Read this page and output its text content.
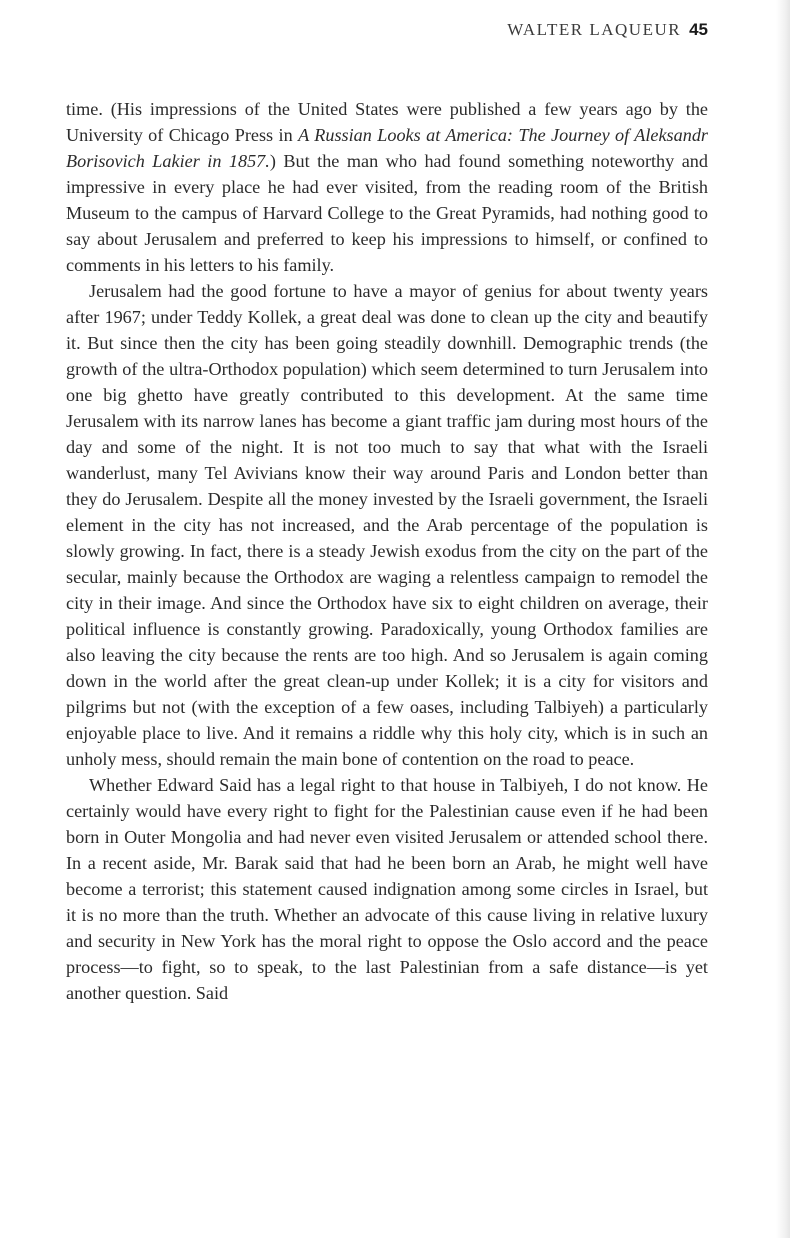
WALTER LAQUEUR 45

time. (His impressions of the United States were published a few years ago by the University of Chicago Press in A Russian Looks at America: The Journey of Aleksandr Borisovich Lakier in 1857.) But the man who had found something noteworthy and impressive in every place he had ever visited, from the reading room of the British Museum to the campus of Harvard College to the Great Pyramids, had nothing good to say about Jerusalem and preferred to keep his impressions to himself, or confined to comments in his letters to his family.

Jerusalem had the good fortune to have a mayor of genius for about twenty years after 1967; under Teddy Kollek, a great deal was done to clean up the city and beautify it. But since then the city has been going steadily downhill. Demographic trends (the growth of the ultra-Orthodox population) which seem determined to turn Jerusalem into one big ghetto have greatly contributed to this development. At the same time Jerusalem with its narrow lanes has become a giant traffic jam during most hours of the day and some of the night. It is not too much to say that what with the Israeli wanderlust, many Tel Avivians know their way around Paris and London better than they do Jerusalem. Despite all the money invested by the Israeli government, the Israeli element in the city has not increased, and the Arab percentage of the population is slowly growing. In fact, there is a steady Jewish exodus from the city on the part of the secular, mainly because the Orthodox are waging a relentless campaign to remodel the city in their image. And since the Orthodox have six to eight children on average, their political influence is constantly growing. Paradoxically, young Orthodox families are also leaving the city because the rents are too high. And so Jerusalem is again coming down in the world after the great clean-up under Kollek; it is a city for visitors and pilgrims but not (with the exception of a few oases, including Talbiyeh) a particularly enjoyable place to live. And it remains a riddle why this holy city, which is in such an unholy mess, should remain the main bone of contention on the road to peace.

Whether Edward Said has a legal right to that house in Talbiyeh, I do not know. He certainly would have every right to fight for the Palestinian cause even if he had been born in Outer Mongolia and had never even visited Jerusalem or attended school there. In a recent aside, Mr. Barak said that had he been born an Arab, he might well have become a terrorist; this statement caused indignation among some circles in Israel, but it is no more than the truth. Whether an advocate of this cause living in relative luxury and security in New York has the moral right to oppose the Oslo accord and the peace process—to fight, so to speak, to the last Palestinian from a safe distance—is yet another question. Said
